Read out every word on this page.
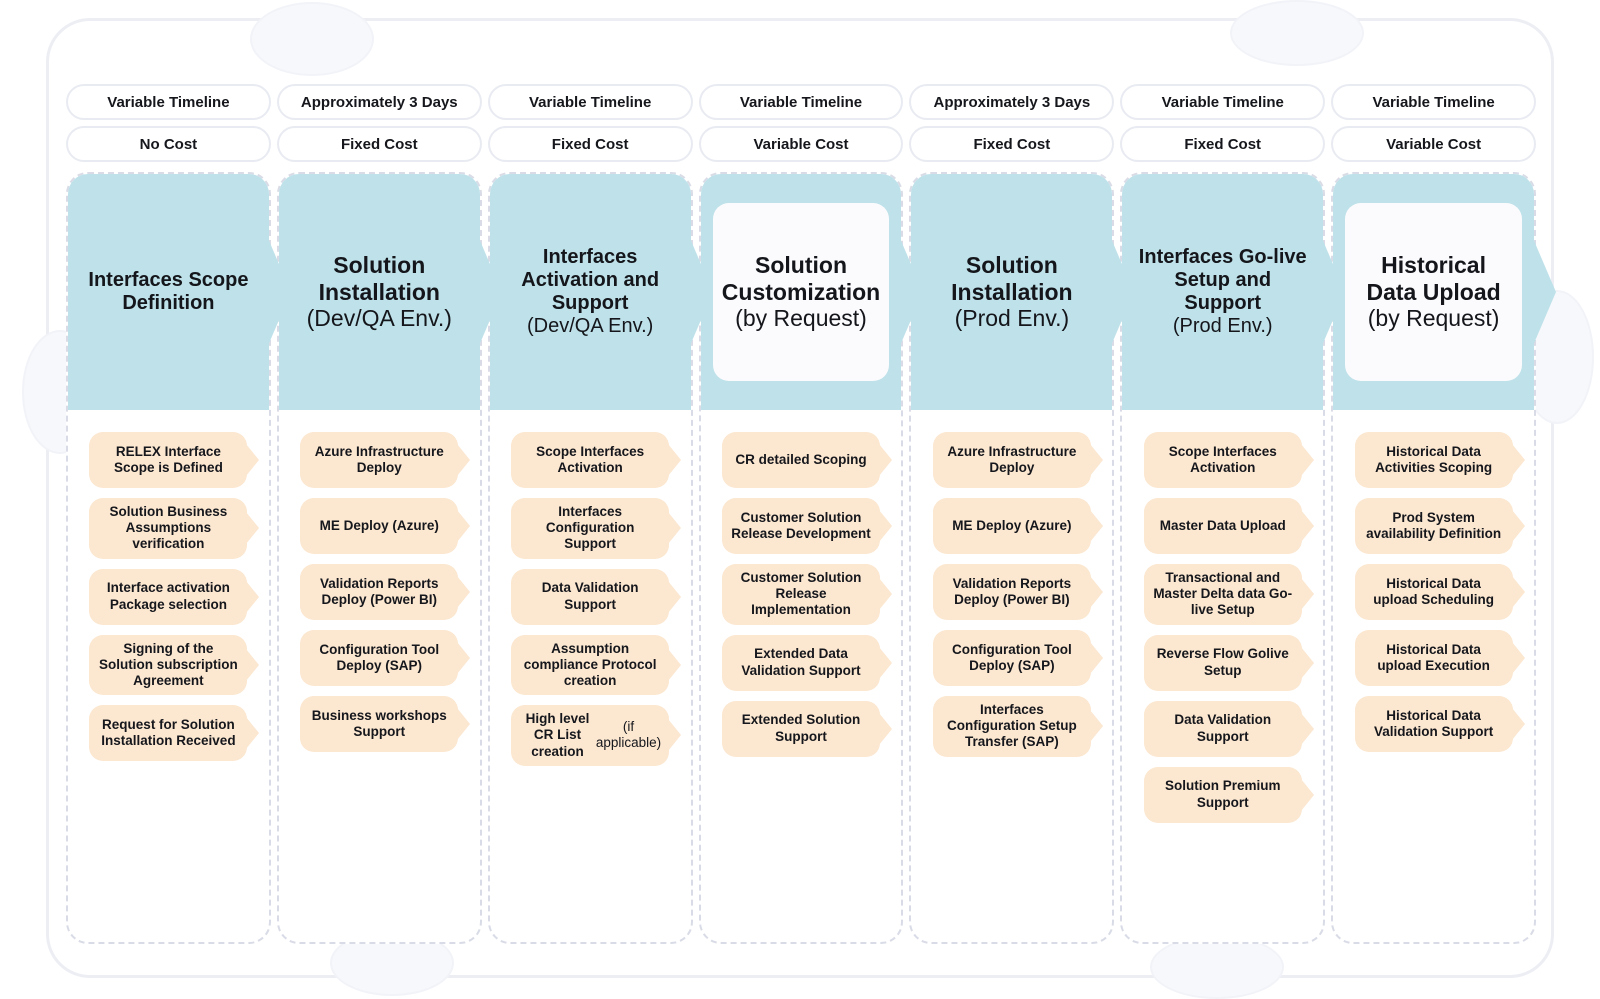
Variable Timeline
No Cost
Interfaces Scope Definition
RELEX Interface Scope is Defined
Solution Business Assumptions verification
Interface activation Package selection
Signing of the Solution subscription Agreement
Request for Solution Installation Received
Approximately 3 Days
Fixed Cost
Solution Installation
(Dev/QA Env.)
Azure Infrastructure Deploy
ME Deploy (Azure)
Validation Reports Deploy (Power BI)
Configuration Tool Deploy (SAP)
Business workshops Support
Variable Timeline
Fixed Cost
Interfaces Activation and Support
(Dev/QA Env.)
Scope Interfaces Activation
Interfaces Configuration Support
Data Validation Support
Assumption compliance Protocol creation
High level CR List creation
(if applicable)
Variable Timeline
Variable Cost
Solution Customization
(by Request)
CR detailed Scoping
Customer Solution Release Development
Customer Solution Release Implementation
Extended Data Validation Support
Extended Solution Support
Approximately 3 Days
Fixed Cost
Solution Installation
(Prod Env.)
Azure Infrastructure Deploy
ME Deploy (Azure)
Validation Reports Deploy (Power BI)
Configuration Tool Deploy (SAP)
Interfaces Configuration Setup Transfer (SAP)
Variable Timeline
Fixed Cost
Interfaces Go-live Setup and Support
(Prod Env.)
Scope Interfaces Activation
Master Data Upload
Transactional and Master Delta data Go-live Setup
Reverse Flow Golive Setup
Data Validation Support
Solution Premium Support
Variable Timeline
Variable Cost
Historical Data Upload
(by Request)
Historical Data Activities Scoping
Prod System availability Definition
Historical Data upload Scheduling
Historical Data upload Execution
Historical Data Validation Support
